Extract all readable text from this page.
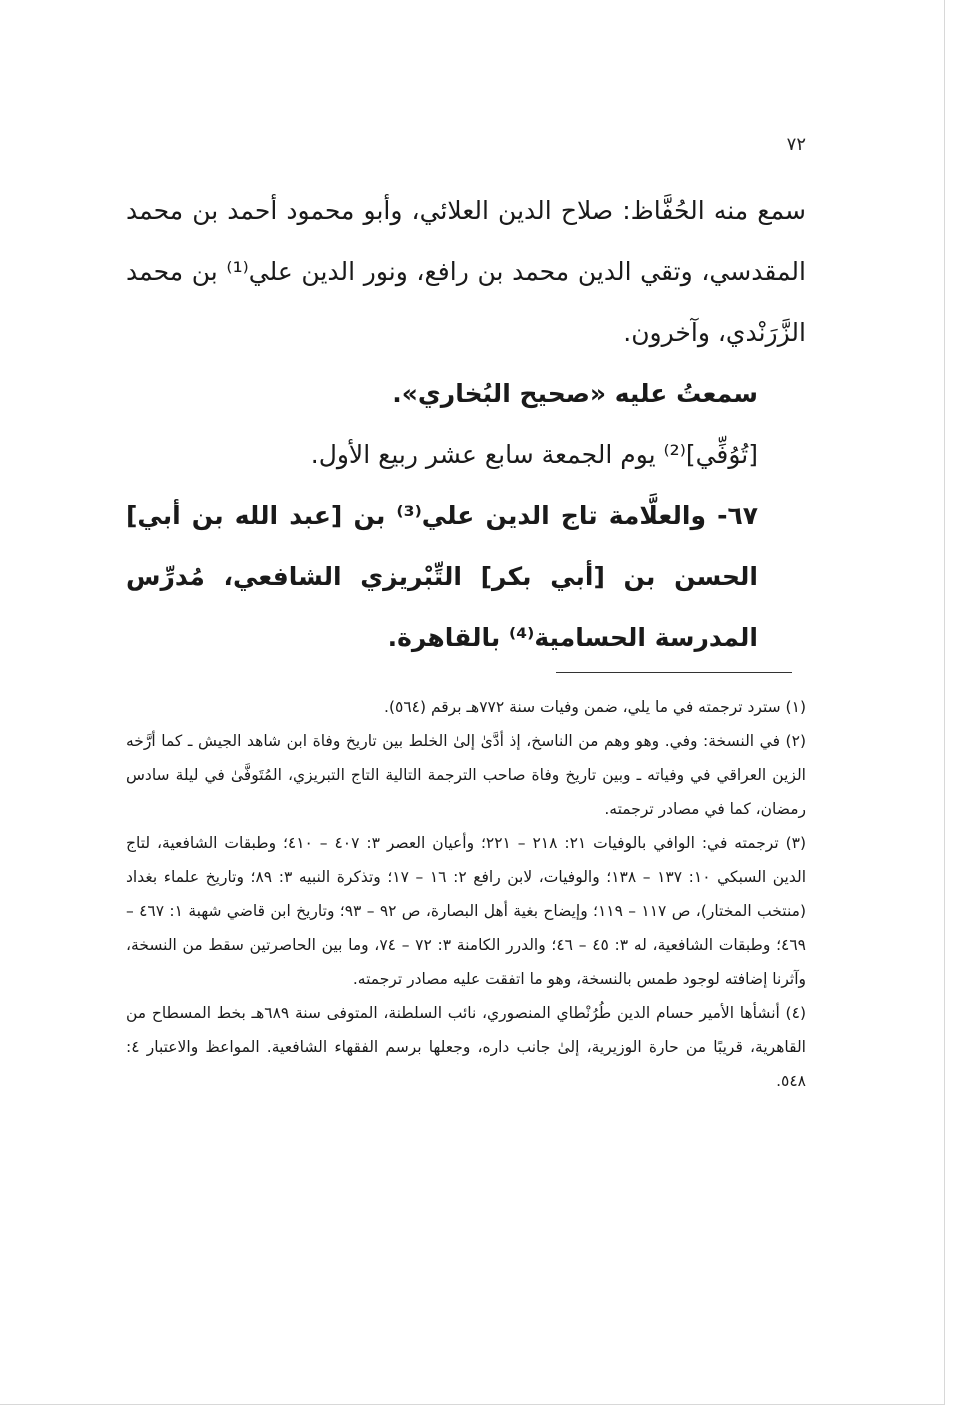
٧٢

سمع منه الحُفَّاظ: صلاح الدين العلائي، وأبو محمود أحمد بن محمد المقدسي، وتقي الدين محمد بن رافع، ونور الدين علي⁽¹⁾ بن محمد الزَّرَنْدي، وآخرون.

سمعتُ عليه «صحيح البُخاري».

[تُوُفِّي]⁽²⁾ يوم الجمعة سابع عشر ربيع الأول.

٦٧- والعلَّامة تاج الدين علي⁽³⁾ بن [عبد الله بن أبي] الحسن بن [أبي بكر] التِّبْريزي الشافعي، مُدرِّس المدرسة الحسامية⁽⁴⁾ بالقاهرة.

(١) سترد ترجمته في ما يلي، ضمن وفيات سنة ٧٧٢هـ برقم (٥٦٤).

(٢) في النسخة: وفي. وهو وهم من الناسخ، إذ أدَّىٰ إلىٰ الخلط بين تاريخ وفاة ابن شاهد الجيش ـ كما أرَّخه الزين العراقي في وفياته ـ وبين تاريخ وفاة صاحب الترجمة التالية التاج التبريزي، المُتَوفَّىٰ في ليلة سادس رمضان، كما في مصادر ترجمته.

(٣) ترجمته في: الوافي بالوفيات ٢١: ٢١٨ – ٢٢١؛ وأعيان العصر ٣: ٤٠٧ – ٤١٠؛ وطبقات الشافعية، لتاج الدين السبكي ١٠: ١٣٧ – ١٣٨؛ والوفيات، لابن رافع ٢: ١٦ – ١٧؛ وتذكرة النبيه ٣: ٨٩؛ وتاريخ علماء بغداد (منتخب المختار)، ص ١١٧ – ١١٩؛ وإيضاح بغية أهل البصارة، ص ٩٢ – ٩٣؛ وتاريخ ابن قاضي شهبة ١: ٤٦٧ – ٤٦٩؛ وطبقات الشافعية، له ٣: ٤٥ – ٤٦؛ والدرر الكامنة ٣: ٧٢ – ٧٤، وما بين الحاصرتين سقط من النسخة، وآثرنا إضافته لوجود طمس بالنسخة، وهو ما اتفقت عليه مصادر ترجمته.

(٤) أنشأها الأمير حسام الدين طُرُنْطاي المنصوري، نائب السلطنة، المتوفى سنة ٦٨٩هـ بخط المسطاح من القاهرية، قريبًا من حارة الوزيرية، إلىٰ جانب داره، وجعلها برسم الفقهاء الشافعية. المواعظ والاعتبار ٤: ٥٤٨.
